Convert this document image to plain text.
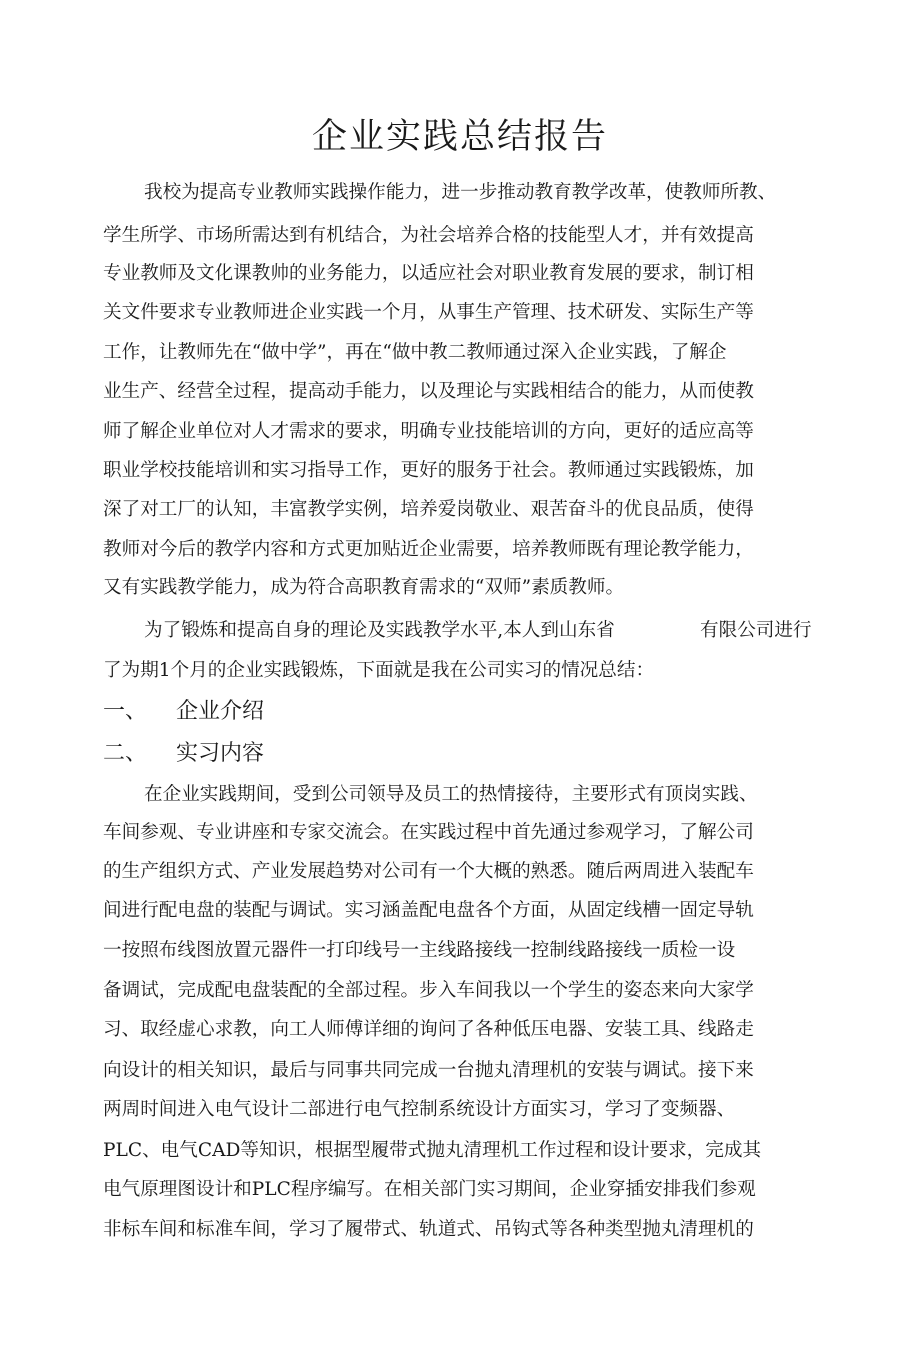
企业实践总结报告

我校为提高专业教师实践操作能力，进一步推动教育教学改革，使教师所教、

学生所学、市场所需达到有机结合，为社会培养合格的技能型人才，并有效提高

专业教师及文化课教帅的业务能力，以适应社会对职业教育发展的要求，制订相

关文件要求专业教师进企业实践一个月，从事生产管理、技术研发、实际生产等

工作，让教师先在“做中学”，再在“做中教二教师通过深入企业实践，了解企

业生产、经营全过程，提高动手能力，以及理论与实践相结合的能力，从而使教

师了解企业单位对人才需求的要求，明确专业技能培训的方向，更好的适应高等

职业学校技能培训和实习指导工作，更好的服务于社会。教师通过实践锻炼，加

深了对工厂的认知，丰富教学实例，培养爱岗敬业、艰苦奋斗的优良品质，使得

教师对今后的教学内容和方式更加贴近企业需要，培养教师既有理论教学能力，

又有实践教学能力，成为符合高职教育需求的“双师”素质教师。

为了锻炼和提高自身的理论及实践教学水平,本人到山东省	有限公司进行

了为期1个月的企业实践锻炼，下面就是我在公司实习的情况总结：

一、 企业介绍
二、 实习内容

在企业实践期间，受到公司领导及员工的热情接待，主要形式有顶岗实践、

车间参观、专业讲座和专家交流会。在实践过程中首先通过参观学习，了解公司

的生产组织方式、产业发展趋势对公司有一个大概的熟悉。随后两周进入装配车

间进行配电盘的装配与调试。实习涵盖配电盘各个方面，从固定线槽一固定导轨

一按照布线图放置元器件一打印线号一主线路接线一控制线路接线一质检一设

备调试，完成配电盘装配的全部过程。步入车间我以一个学生的姿态来向大家学

习、取经虚心求教，向工人师傅详细的询问了各种低压电器、安装工具、线路走

向设计的相关知识，最后与同事共同完成一台抛丸清理机的安装与调试。接下来

两周时间进入电气设计二部进行电气控制系统设计方面实习，学习了变频器、

PLC、电气CAD等知识，根据型履带式抛丸清理机工作过程和设计要求，完成其

电气原理图设计和PLC程序编写。在相关部门实习期间，企业穿插安排我们参观

非标车间和标准车间，学习了履带式、轨道式、吊钩式等各种类型抛丸清理机的
